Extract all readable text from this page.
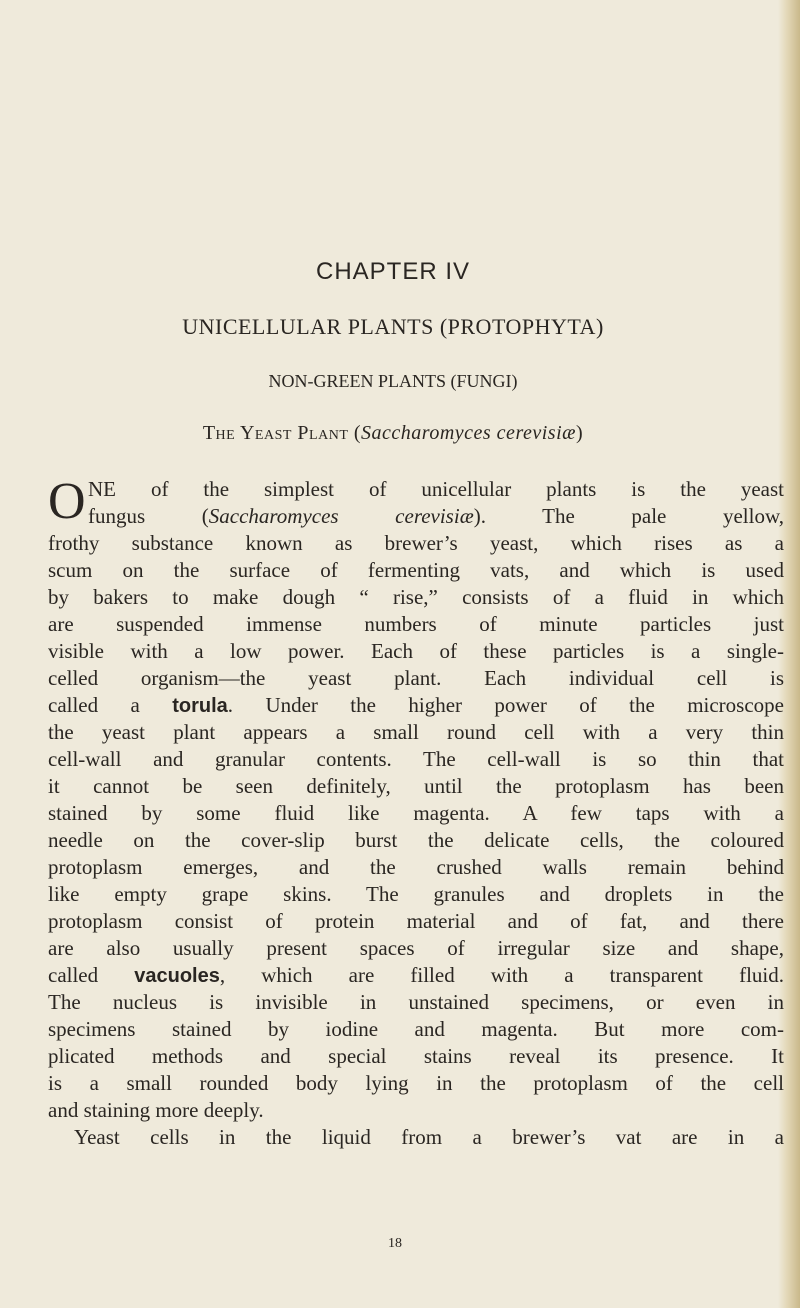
CHAPTER IV
UNICELLULAR PLANTS (PROTOPHYTA)
NON-GREEN PLANTS (FUNGI)
The Yeast Plant (Saccharomyces cerevisiæ)
O NE of the simplest of unicellular plants is the yeast
fungus (Saccharomyces cerevisiæ). The pale yellow,
frothy substance known as brewer’s yeast, which rises as a
scum on the surface of fermenting vats, and which is used
by bakers to make dough “ rise,” consists of a fluid in which
are suspended immense numbers of minute particles just
visible with a low power. Each of these particles is a single-
celled organism—the yeast plant. Each individual cell is
called a torula. Under the higher power of the microscope
the yeast plant appears a small round cell with a very thin
cell-wall and granular contents. The cell-wall is so thin that
it cannot be seen definitely, until the protoplasm has been
stained by some fluid like magenta. A few taps with a
needle on the cover-slip burst the delicate cells, the coloured
protoplasm emerges, and the crushed walls remain behind
like empty grape skins. The granules and droplets in the
protoplasm consist of protein material and of fat, and there
are also usually present spaces of irregular size and shape,
called vacuoles, which are filled with a transparent fluid.
The nucleus is invisible in unstained specimens, or even in
specimens stained by iodine and magenta. But more com-
plicated methods and special stains reveal its presence. It
is a small rounded body lying in the protoplasm of the cell
and staining more deeply.
Yeast cells in the liquid from a brewer’s vat are in a
18
